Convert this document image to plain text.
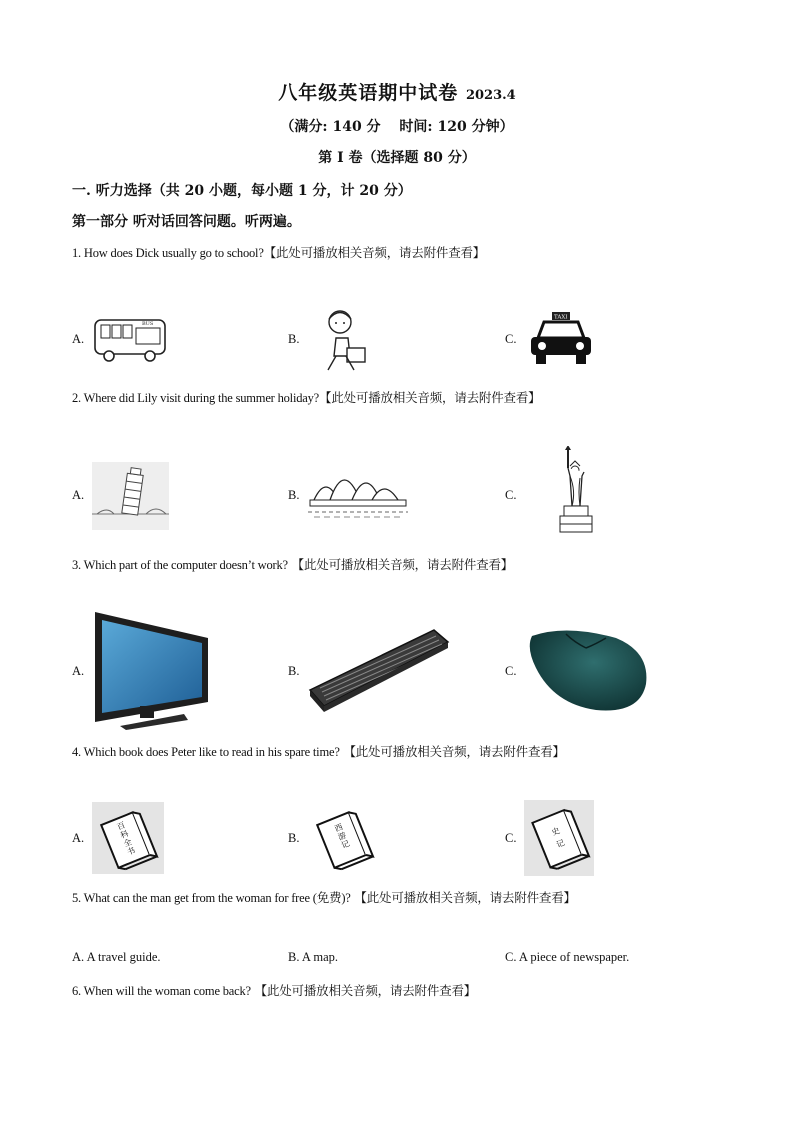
八年级英语期中试卷 2023.4
（满分: 140 分　 时间: 120 分钟）
第 I 卷（选择题 80 分）
一. 听力选择（共 20 小题，每小题 1 分，计 20 分）
第一部分 听对话回答问题。听两遍。
1. How does Dick usually go to school?【此处可播放相关音频，请去附件查看】
A.	B.	C.
BUS
TAXI
2. Where did Lily visit during the summer holiday?【此处可播放相关音频，请去附件查看】
A.	B.	C.
3. Which part of the computer doesn’t work? 【此处可播放相关音频，请去附件查看】
A.	B.	C.
4. Which book does Peter like to read in his spare time? 【此处可播放相关音频，请去附件查看】
A.	B.	C.
百科全书
西游记
史记
5. What can the man get from the woman for free (免费)? 【此处可播放相关音频，请去附件查看】
A. A travel guide.	B. A map.	C. A piece of newspaper.
6. When will the woman come back? 【此处可播放相关音频，请去附件查看】
